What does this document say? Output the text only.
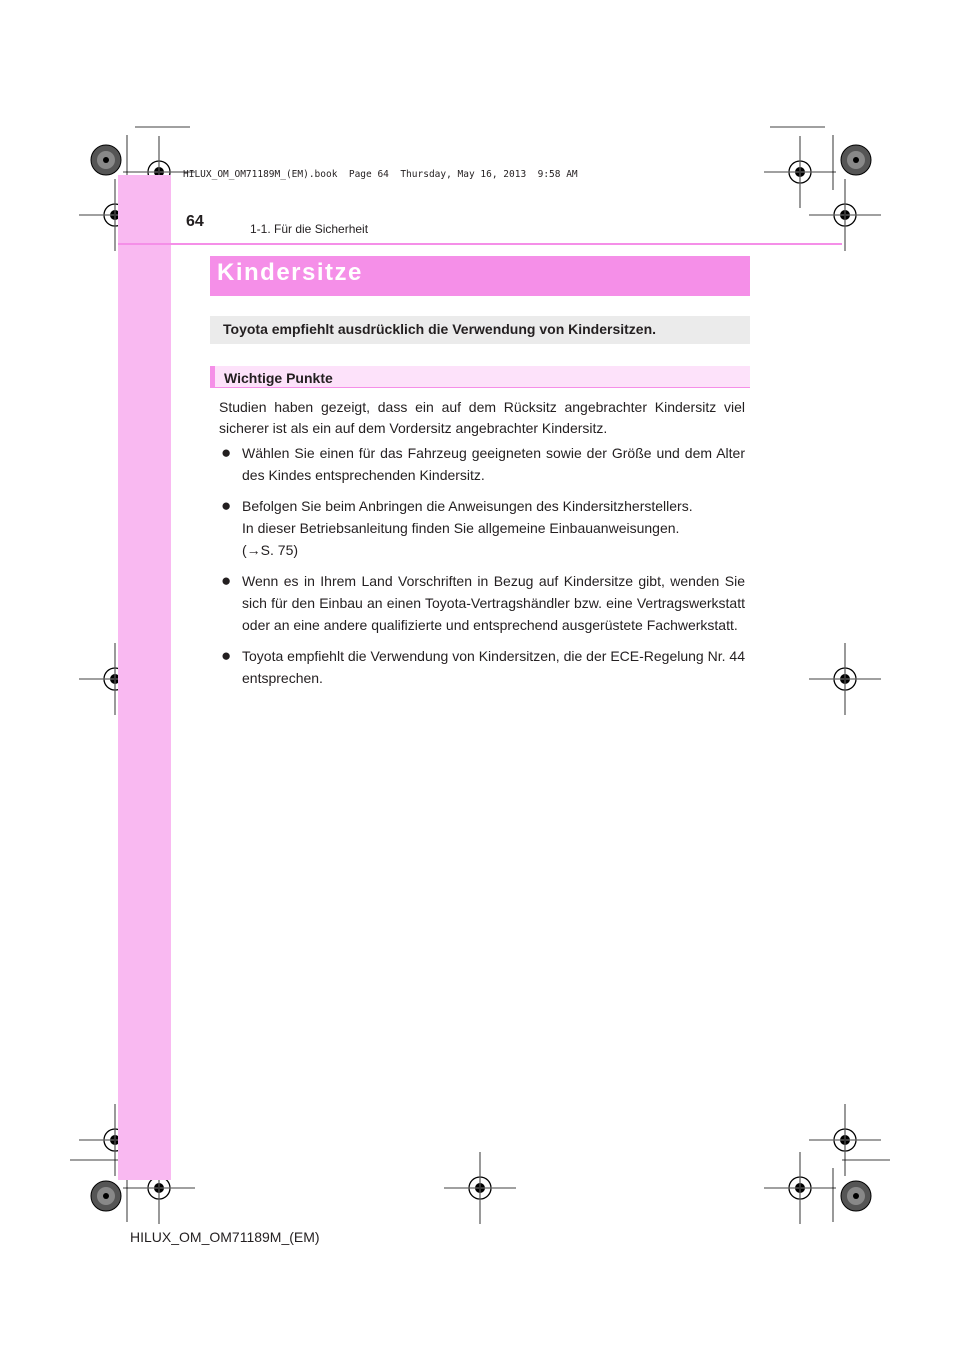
HILUX_OM_OM71189M_(EM).book  Page 64  Thursday, May 16, 2013  9:58 AM
64	1-1. Für die Sicherheit
Kindersitze
Toyota empfiehlt ausdrücklich die Verwendung von Kindersitzen.
Wichtige Punkte
Studien haben gezeigt, dass ein auf dem Rücksitz angebrachter Kindersitz viel sicherer ist als ein auf dem Vordersitz angebrachter Kindersitz.
● Wählen Sie einen für das Fahrzeug geeigneten sowie der Größe und dem Alter des Kindes entsprechenden Kindersitz.
● Befolgen Sie beim Anbringen die Anweisungen des Kindersitzherstellers.
In dieser Betriebsanleitung finden Sie allgemeine Einbauanweisungen.
(→S. 75)
● Wenn es in Ihrem Land Vorschriften in Bezug auf Kindersitze gibt, wenden Sie sich für den Einbau an einen Toyota-Vertragshändler bzw. eine Vertragswerkstatt oder an eine andere qualifizierte und entsprechend ausgerüstete Fachwerkstatt.
● Toyota empfiehlt die Verwendung von Kindersitzen, die der ECE-Regelung Nr. 44 entsprechen.
HILUX_OM_OM71189M_(EM)
